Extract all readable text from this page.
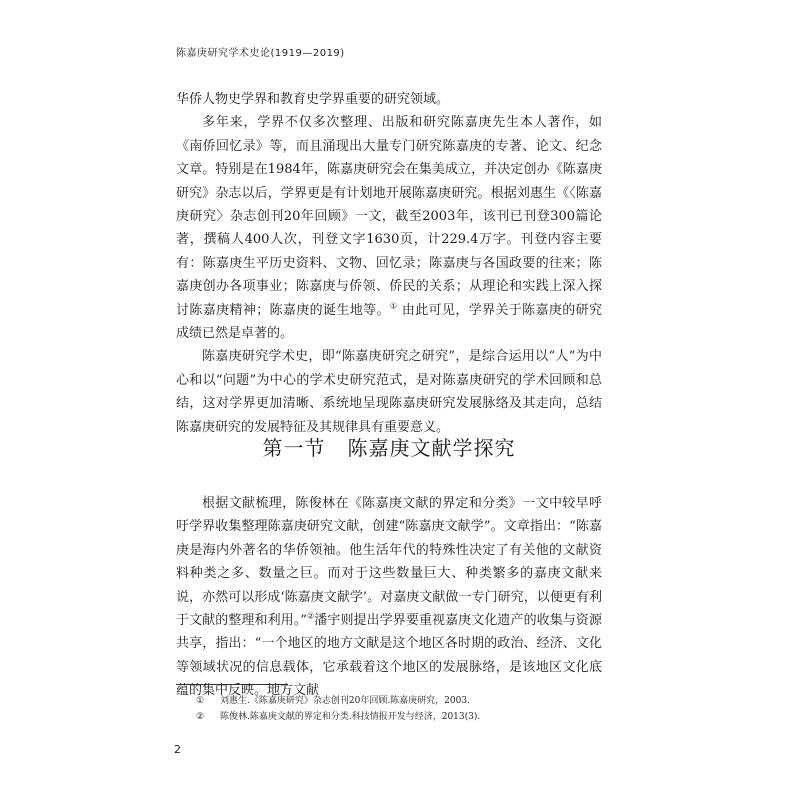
陈嘉庚研究学术史论(1919—2019)

华侨人物史学界和教育史学界重要的研究领域。

多年来，学界不仅多次整理、出版和研究陈嘉庚先生本人著作，如《南侨回忆录》等，而且涌现出大量专门研究陈嘉庚的专著、论文、纪念文章。特别是在1984年，陈嘉庚研究会在集美成立，并决定创办《陈嘉庚研究》杂志以后，学界更是有计划地开展陈嘉庚研究。根据刘惠生《〈陈嘉庚研究〉杂志创刊20年回顾》一文，截至2003年，该刊已刊登300篇论著，撰稿人400人次，刊登文字1630页，计229.4万字。刊登内容主要有：陈嘉庚生平历史资料、文物、回忆录；陈嘉庚与各国政要的往来；陈嘉庚创办各项事业；陈嘉庚与侨领、侨民的关系；从理论和实践上深入探讨陈嘉庚精神；陈嘉庚的诞生地等。① 由此可见，学界关于陈嘉庚的研究成绩已然是卓著的。

陈嘉庚研究学术史，即“陈嘉庚研究之研究”，是综合运用以“人”为中心和以“问题”为中心的学术史研究范式，是对陈嘉庚研究的学术回顾和总结，这对学界更加清晰、系统地呈现陈嘉庚研究发展脉络及其走向，总结陈嘉庚研究的发展特征及其规律具有重要意义。

第一节 陈嘉庚文献学探究

根据文献梳理，陈俊林在《陈嘉庚文献的界定和分类》一文中较早呼吁学界收集整理陈嘉庚研究文献，创建“陈嘉庚文献学”。文章指出：“陈嘉庚是海内外著名的华侨领袖。他生活年代的特殊性决定了有关他的文献资料种类之多、数量之巨。而对于这些数量巨大、种类繁多的嘉庚文献来说，亦然可以形成‘陈嘉庚文献学’。对嘉庚文献做一专门研究，以便更有利于文献的整理和利用。”②潘宇则提出学界要重视嘉庚文化遗产的收集与资源共享，指出：“一个地区的地方文献是这个地区各时期的政治、经济、文化等领域状况的信息载体，它承载着这个地区的发展脉络，是该地区文化底蕴的集中反映。地方文献

①	刘惠生.《陈嘉庚研究》杂志创刊20年回顾.陈嘉庚研究，2003.
②	陈俊林.陈嘉庚文献的界定和分类.科技情报开发与经济，2013(3).
2
